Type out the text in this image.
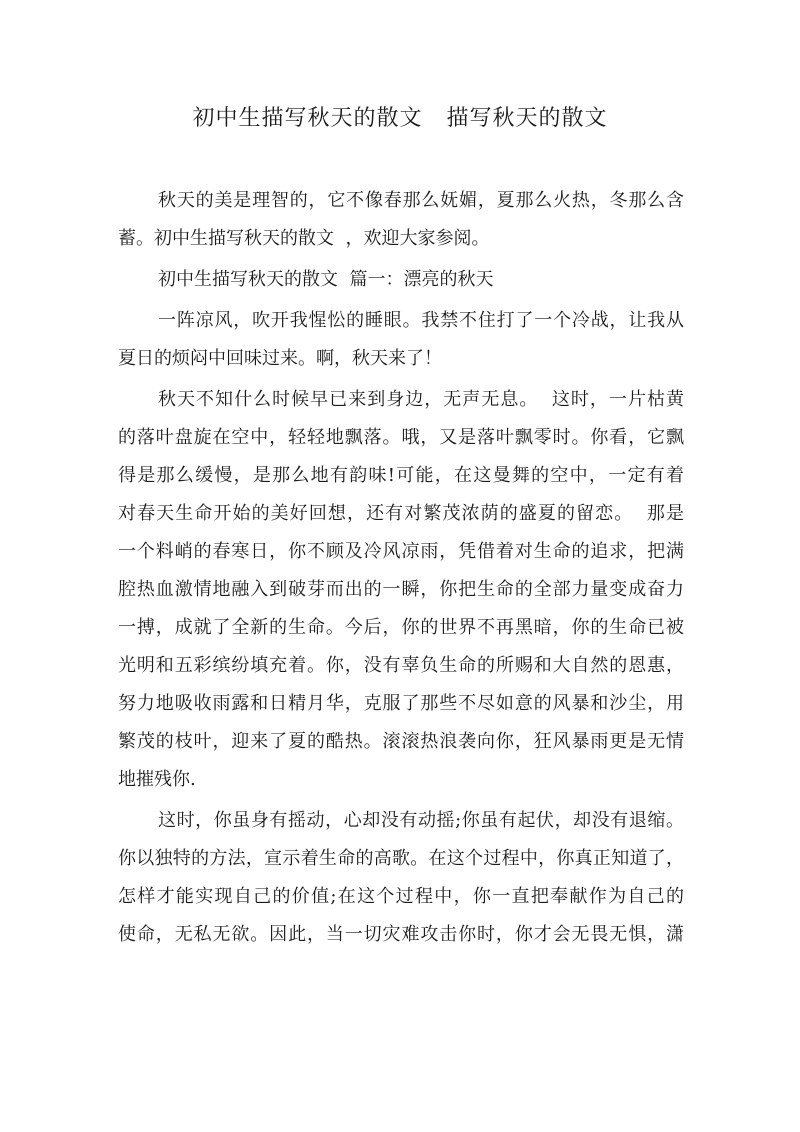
初中生描写秋天的散文   描写秋天的散文
秋天的美是理智的，它不像春那么妩媚，夏那么火热，冬那么含
蓄。初中生描写秋天的散文  ，欢迎大家参阅。
初中生描写秋天的散文  篇一：漂亮的秋天
一阵凉风，吹开我惺忪的睡眼。我禁不住打了一个冷战，让我从
夏日的烦闷中回味过来。啊，秋天来了！
秋天不知什么时候早已来到身边，无声无息。  这时，一片枯黄
的落叶盘旋在空中，轻轻地飘落。哦，又是落叶飘零时。你看，它飘
得是那么缓慢，是那么地有韵味!可能，在这曼舞的空中，一定有着
对春天生命开始的美好回想，还有对繁茂浓荫的盛夏的留恋。  那是
一个料峭的春寒日，你不顾及冷风凉雨，凭借着对生命的追求，把满
腔热血激情地融入到破芽而出的一瞬，你把生命的全部力量变成奋力
一搏，成就了全新的生命。今后，你的世界不再黑暗，你的生命已被
光明和五彩缤纷填充着。你，没有辜负生命的所赐和大自然的恩惠，
努力地吸收雨露和日精月华，克服了那些不尽如意的风暴和沙尘，用
繁茂的枝叶，迎来了夏的酷热。滚滚热浪袭向你，狂风暴雨更是无情
地摧残你.
这时，你虽身有摇动，心却没有动摇;你虽有起伏，却没有退缩。
你以独特的方法，宣示着生命的高歌。在这个过程中，你真正知道了，
怎样才能实现自己的价值;在这个过程中，你一直把奉献作为自己的
使命，无私无欲。因此，当一切灾难攻击你时，你才会无畏无惧，潇
